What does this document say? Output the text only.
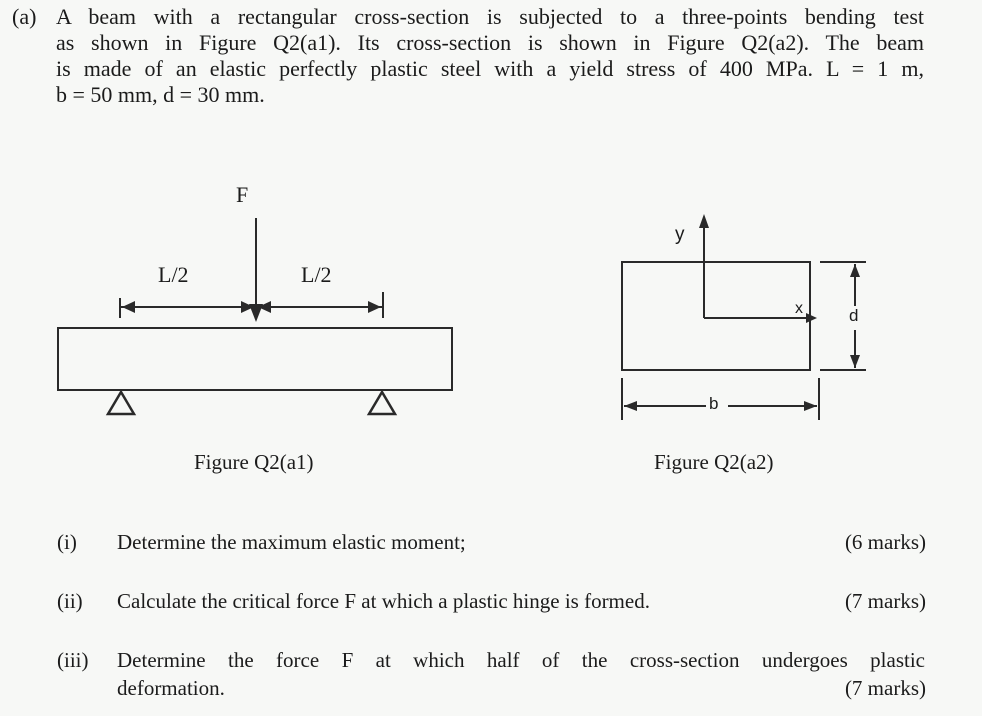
(a) A beam with a rectangular cross-section is subjected to a three-points bending test
as shown in Figure Q2(a1). Its cross-section is shown in Figure Q2(a2). The beam
is made of an elastic perfectly plastic steel with a yield stress of 400 MPa. L = 1 m,
b = 50 mm, d = 30 mm.
F
L/2	L/2
Figure Q2(a1)
y
x
b
d
Figure Q2(a2)
(i) Determine the maximum elastic moment;	(6 marks)
(ii) Calculate the critical force F at which a plastic hinge is formed.	(7 marks)
(iii) Determine the force F at which half of the cross-section undergoes plastic
deformation.	(7 marks)
